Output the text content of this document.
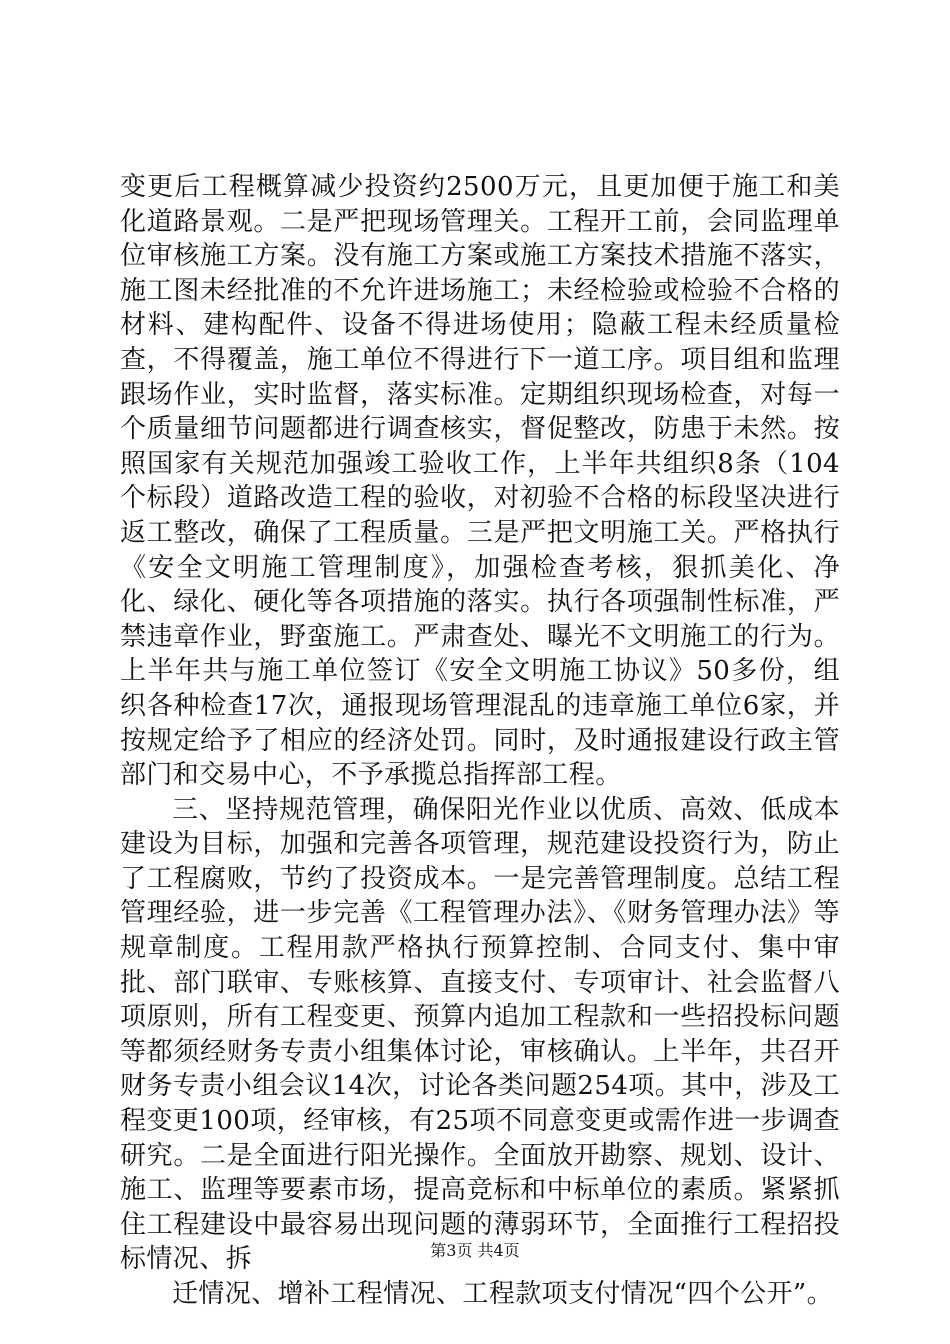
变更后工程概算减少投资约2500万元，且更加便于施工和美化道路景观。二是严把现场管理关。工程开工前，会同监理单位审核施工方案。没有施工方案或施工方案技术措施不落实，施工图未经批准的不允许进场施工；未经检验或检验不合格的材料、建构配件、设备不得进场使用；隐蔽工程未经质量检查，不得覆盖，施工单位不得进行下一道工序。项目组和监理跟场作业，实时监督，落实标准。定期组织现场检查，对每一个质量细节问题都进行调查核实，督促整改，防患于未然。按照国家有关规范加强竣工验收工作，上半年共组织8条（104个标段）道路改造工程的验收，对初验不合格的标段坚决进行返工整改，确保了工程质量。三是严把文明施工关。严格执行《安全文明施工管理制度》，加强检查考核，狠抓美化、净化、绿化、硬化等各项措施的落实。执行各项强制性标准，严禁违章作业，野蛮施工。严肃查处、曝光不文明施工的行为。上半年共与施工单位签订《安全文明施工协议》50多份，组织各种检查17次，通报现场管理混乱的违章施工单位6家，并按规定给予了相应的经济处罚。同时，及时通报建设行政主管部门和交易中心，不予承揽总指挥部工程。

三、坚持规范管理，确保阳光作业以优质、高效、低成本建设为目标，加强和完善各项管理，规范建设投资行为，防止了工程腐败，节约了投资成本。一是完善管理制度。总结工程管理经验，进一步完善《工程管理办法》、《财务管理办法》等规章制度。工程用款严格执行预算控制、合同支付、集中审批、部门联审、专账核算、直接支付、专项审计、社会监督八项原则，所有工程变更、预算内追加工程款和一些招投标问题等都须经财务专责小组集体讨论，审核确认。上半年，共召开财务专责小组会议14次，讨论各类问题254项。其中，涉及工程变更100项，经审核，有25项不同意变更或需作进一步调查研究。二是全面进行阳光操作。全面放开勘察、规划、设计、施工、监理等要素市场，提高竞标和中标单位的素质。紧紧抓住工程建设中最容易出现问题的薄弱环节，全面推行工程招投标情况、拆

迁情况、增补工程情况、工程款项支付情况“四个公开”。

第3页 共4页
